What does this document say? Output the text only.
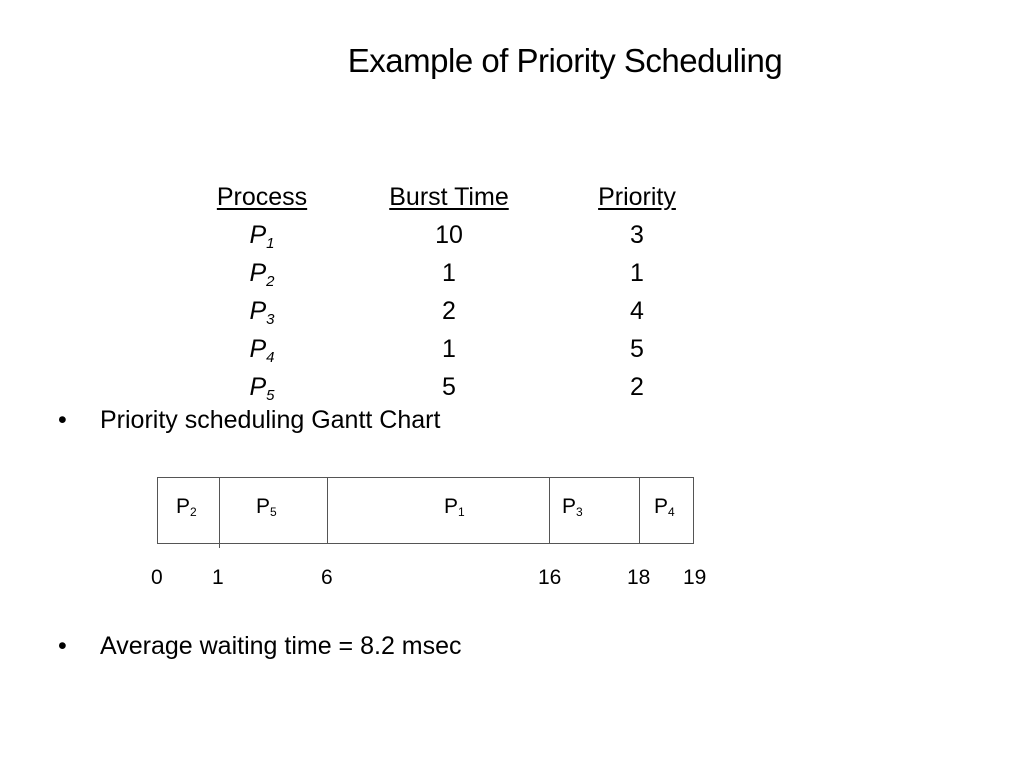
Example of Priority Scheduling
Process	Burst Time	Priority
$P_1$	10	3
$P_2$	1	1
$P_3$	2	4
$P_4$	1	5
$P_5$	5	2
•	Priority scheduling Gantt Chart
$P_2$	$P_5$	$P_1$	$P_3$	$P_4$
0 1	6	16	18 19
•	Average waiting time = 8.2 msec
